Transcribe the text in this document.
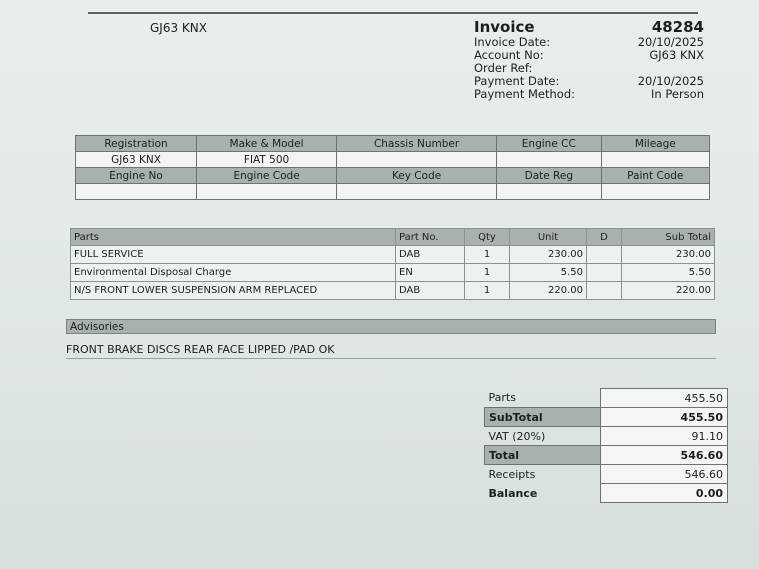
GJ63 KNX	Invoice	48284
Invoice Date:	20/10/2025
Account No:	GJ63 KNX
Order Ref:
Payment Date:	20/10/2025
Payment Method:	In Person
Registration	Make & Model	Chassis Number	Engine CC	Mileage
GJ63 KNX	FIAT 500			
Engine No	Engine Code	Key Code	Date Reg	Paint Code

Parts	Part No.	Qty	Unit	D	Sub Total
FULL SERVICE	DAB	1	230.00		230.00
Environmental Disposal Charge	EN	1	5.50		5.50
N/S FRONT LOWER SUSPENSION ARM REPLACED	DAB	1	220.00		220.00
Advisories
FRONT BRAKE DISCS REAR FACE LIPPED /PAD OK
Parts	455.50
SubTotal	455.50
VAT (20%)	91.10
Total	546.60
Receipts	546.60
Balance	0.00
